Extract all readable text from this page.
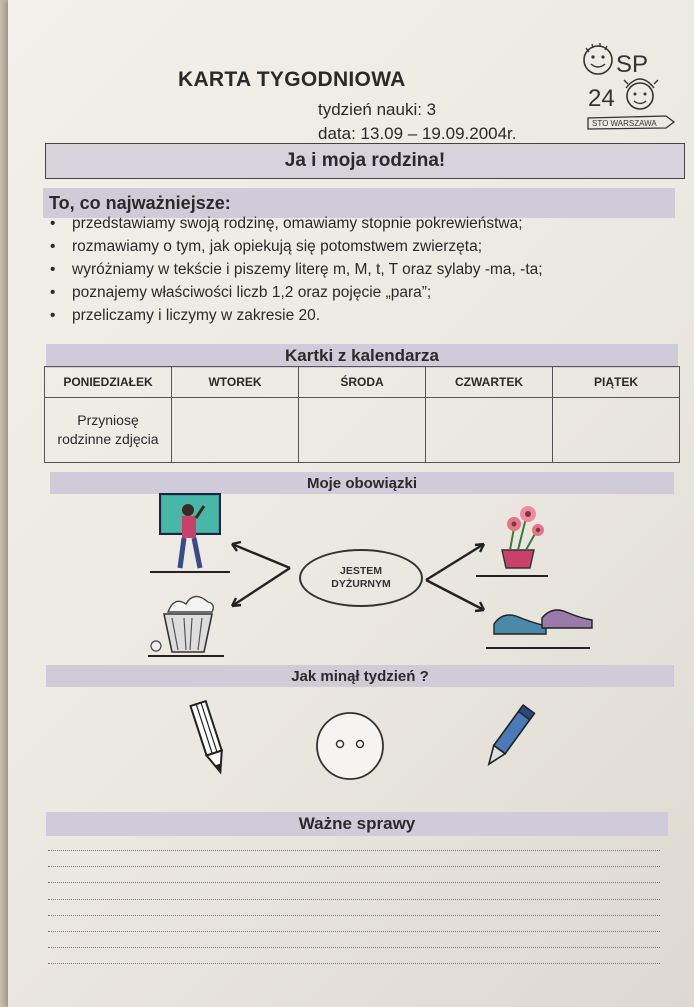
KARTA TYGODNIOWA
tydzień nauki: 3
data: 13.09 – 19.09.2004r.
SP
24
STO WARSZAWA
Ja i moja rodzina!
To, co najważniejsze:
• przedstawiamy swoją rodzinę, omawiamy stopnie pokrewieństwa;
• rozmawiamy o tym, jak opiekują się potomstwem zwierzęta;
• wyróżniamy w tekście i piszemy literę m, M, t, T oraz sylaby -ma, -ta;
• poznajemy właściwości liczb 1,2 oraz pojęcie „para”;
• przeliczamy i liczymy w zakresie 20.
Kartki z kalendarza
PONIEDZIAŁEK	WTOREK	ŚRODA	CZWARTEK	PIĄTEK
Przyniosę
rodzinne zdjęcia				
Moje obowiązki
JESTEM
DYŻURNYM
Jak minął tydzień ?
Ważne sprawy
